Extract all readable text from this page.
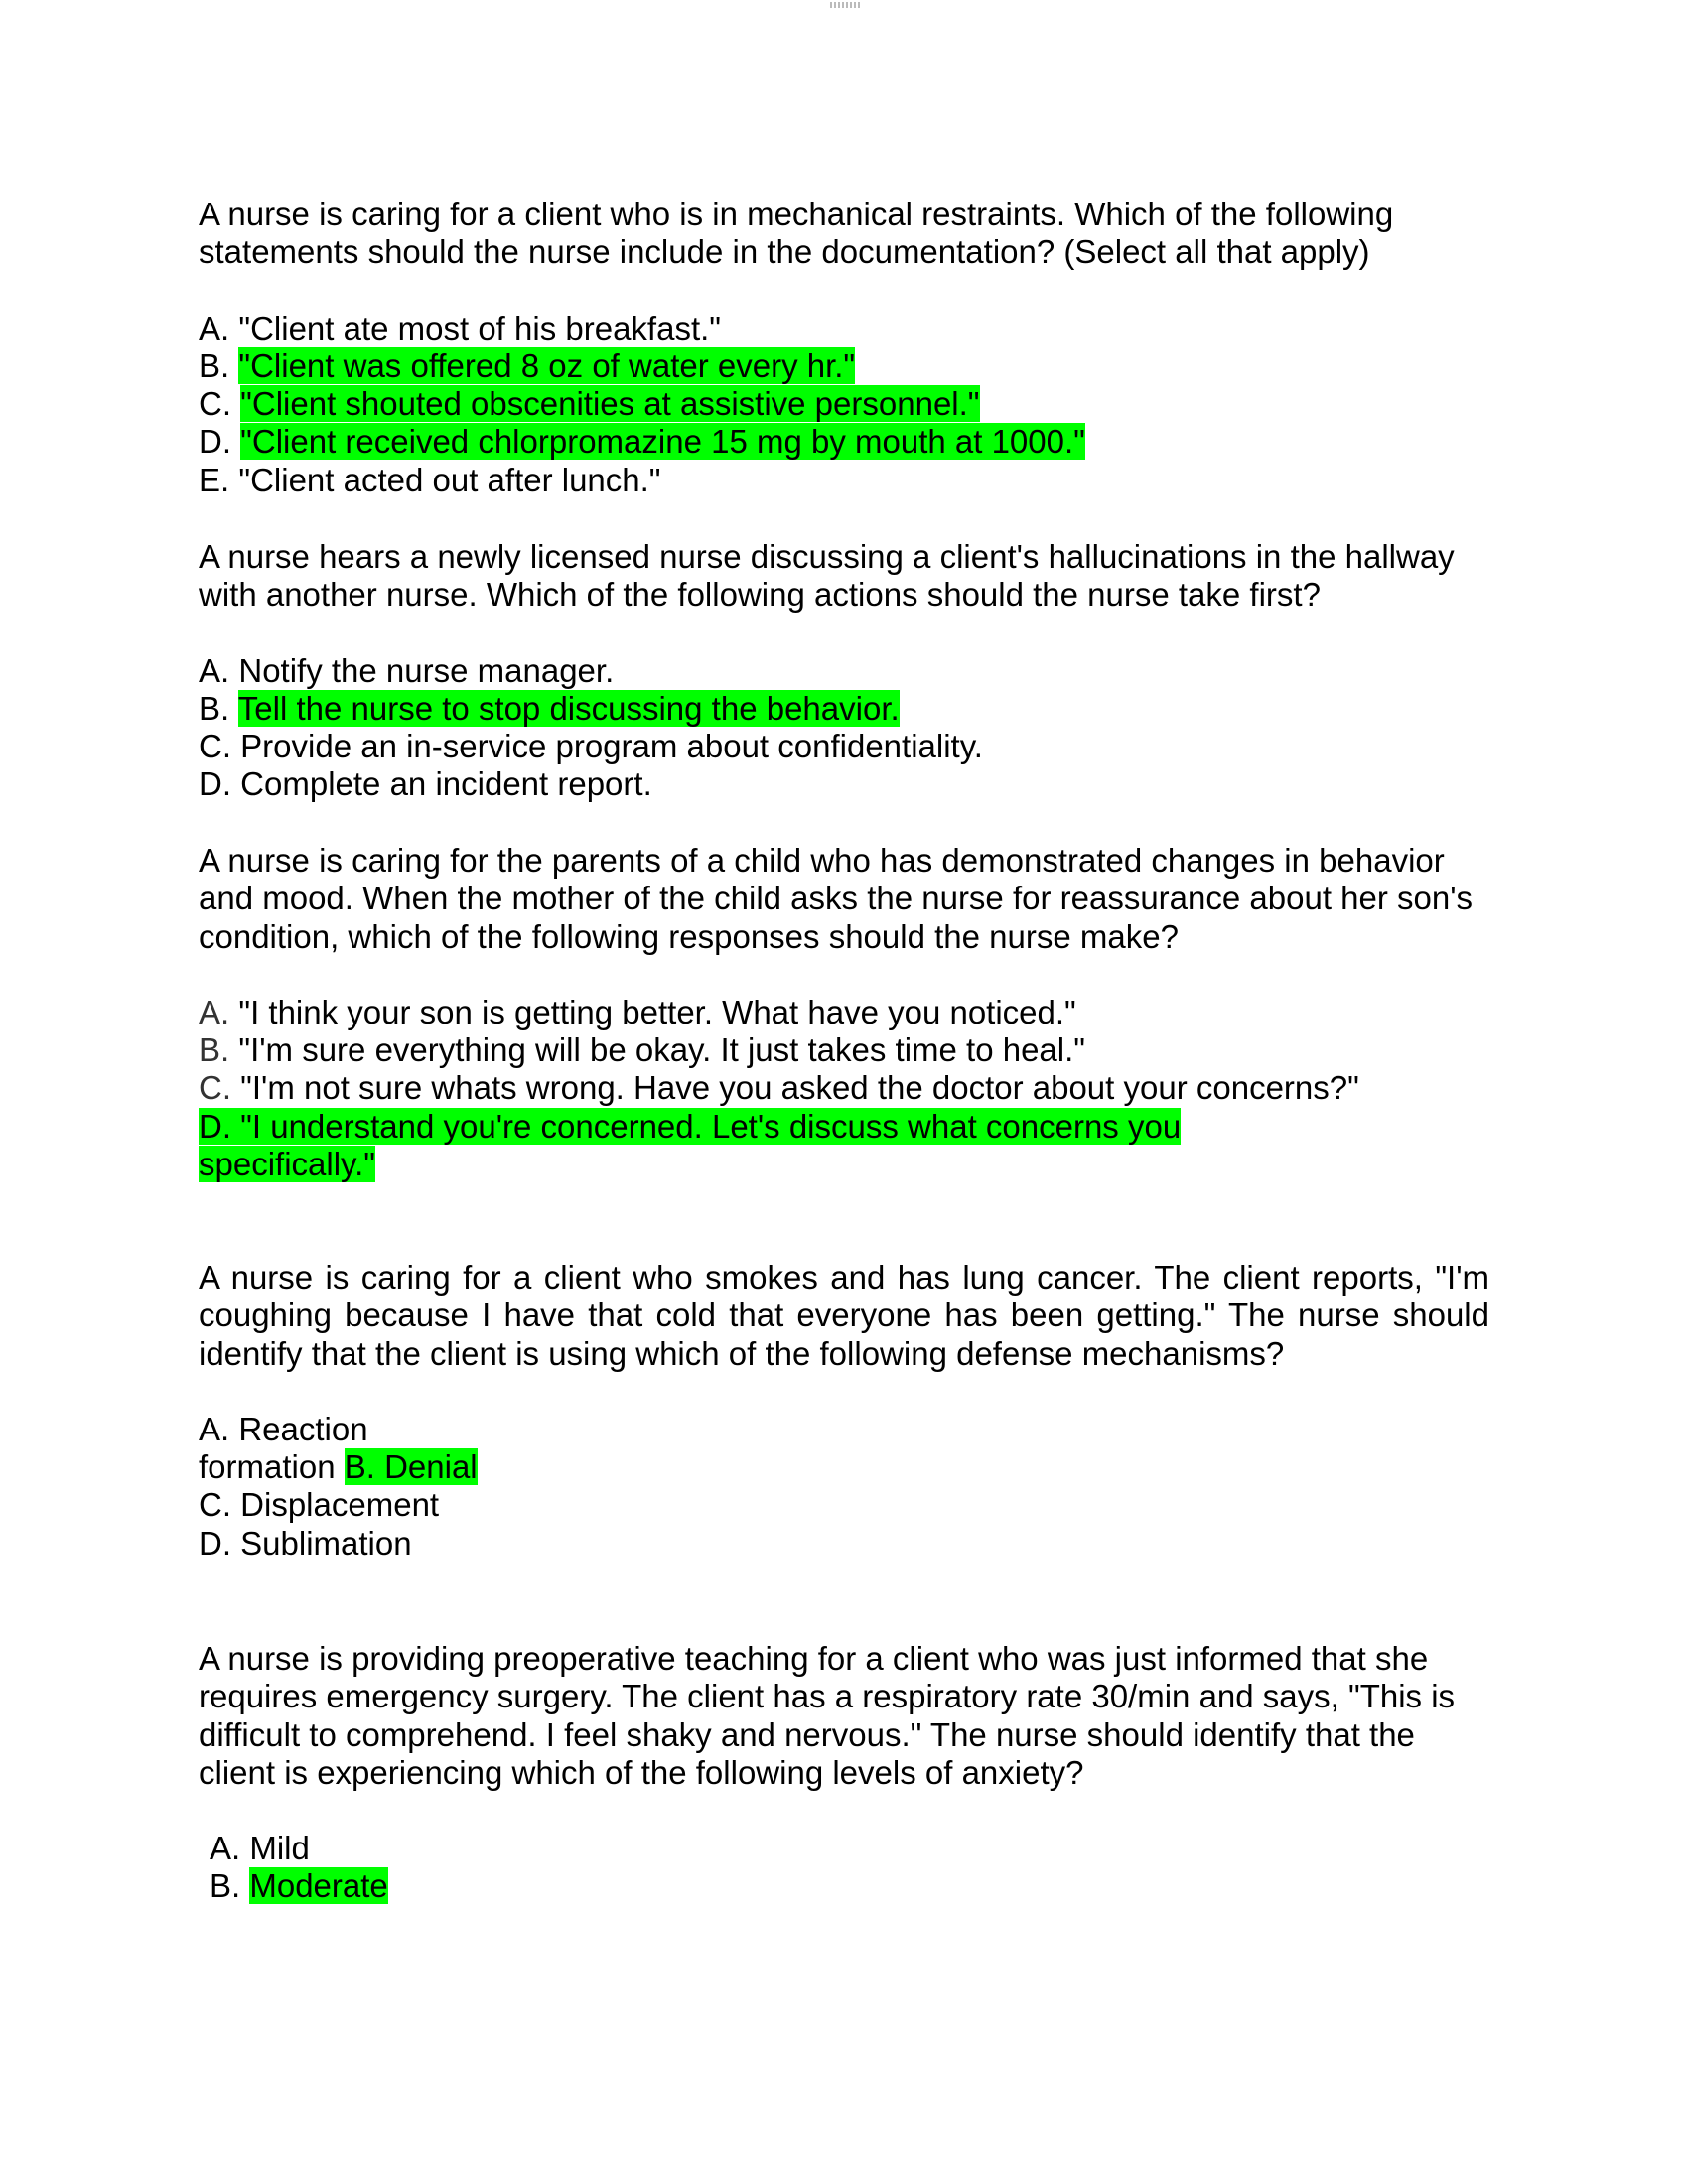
A nurse is caring for a client who is in mechanical restraints. Which of the following statements should the nurse include in the documentation? (Select all that apply)

A. "Client ate most of his breakfast."
B. "Client was offered 8 oz of water every hr."
C. "Client shouted obscenities at assistive personnel."
D. "Client received chlorpromazine 15 mg by mouth at 1000."
E. "Client acted out after lunch."

A nurse hears a newly licensed nurse discussing a client's hallucinations in the hallway with another nurse. Which of the following actions should the nurse take first?

A. Notify the nurse manager.
B. Tell the nurse to stop discussing the behavior.
C. Provide an in-service program about confidentiality.
D. Complete an incident report.

A nurse is caring for the parents of a child who has demonstrated changes in behavior and mood. When the mother of the child asks the nurse for reassurance about her son's condition, which of the following responses should the nurse make?

A. "I think your son is getting better. What have you noticed."
B. "I'm sure everything will be okay. It just takes time to heal."
C. "I'm not sure whats wrong. Have you asked the doctor about your concerns?"
D. "I understand you're concerned. Let's discuss what concerns you
specifically."

A nurse is caring for a client who smokes and has lung cancer. The client reports, "I'm coughing because I have that cold that everyone has been getting." The nurse should identify that the client is using which of the following defense mechanisms?

A. Reaction
formation B. Denial
C. Displacement
D. Sublimation

A nurse is providing preoperative teaching for a client who was just informed that she requires emergency surgery. The client has a respiratory rate 30/min and says, "This is difficult to comprehend. I feel shaky and nervous." The nurse should identify that the client is experiencing which of the following levels of anxiety?

A. Mild
B. Moderate
